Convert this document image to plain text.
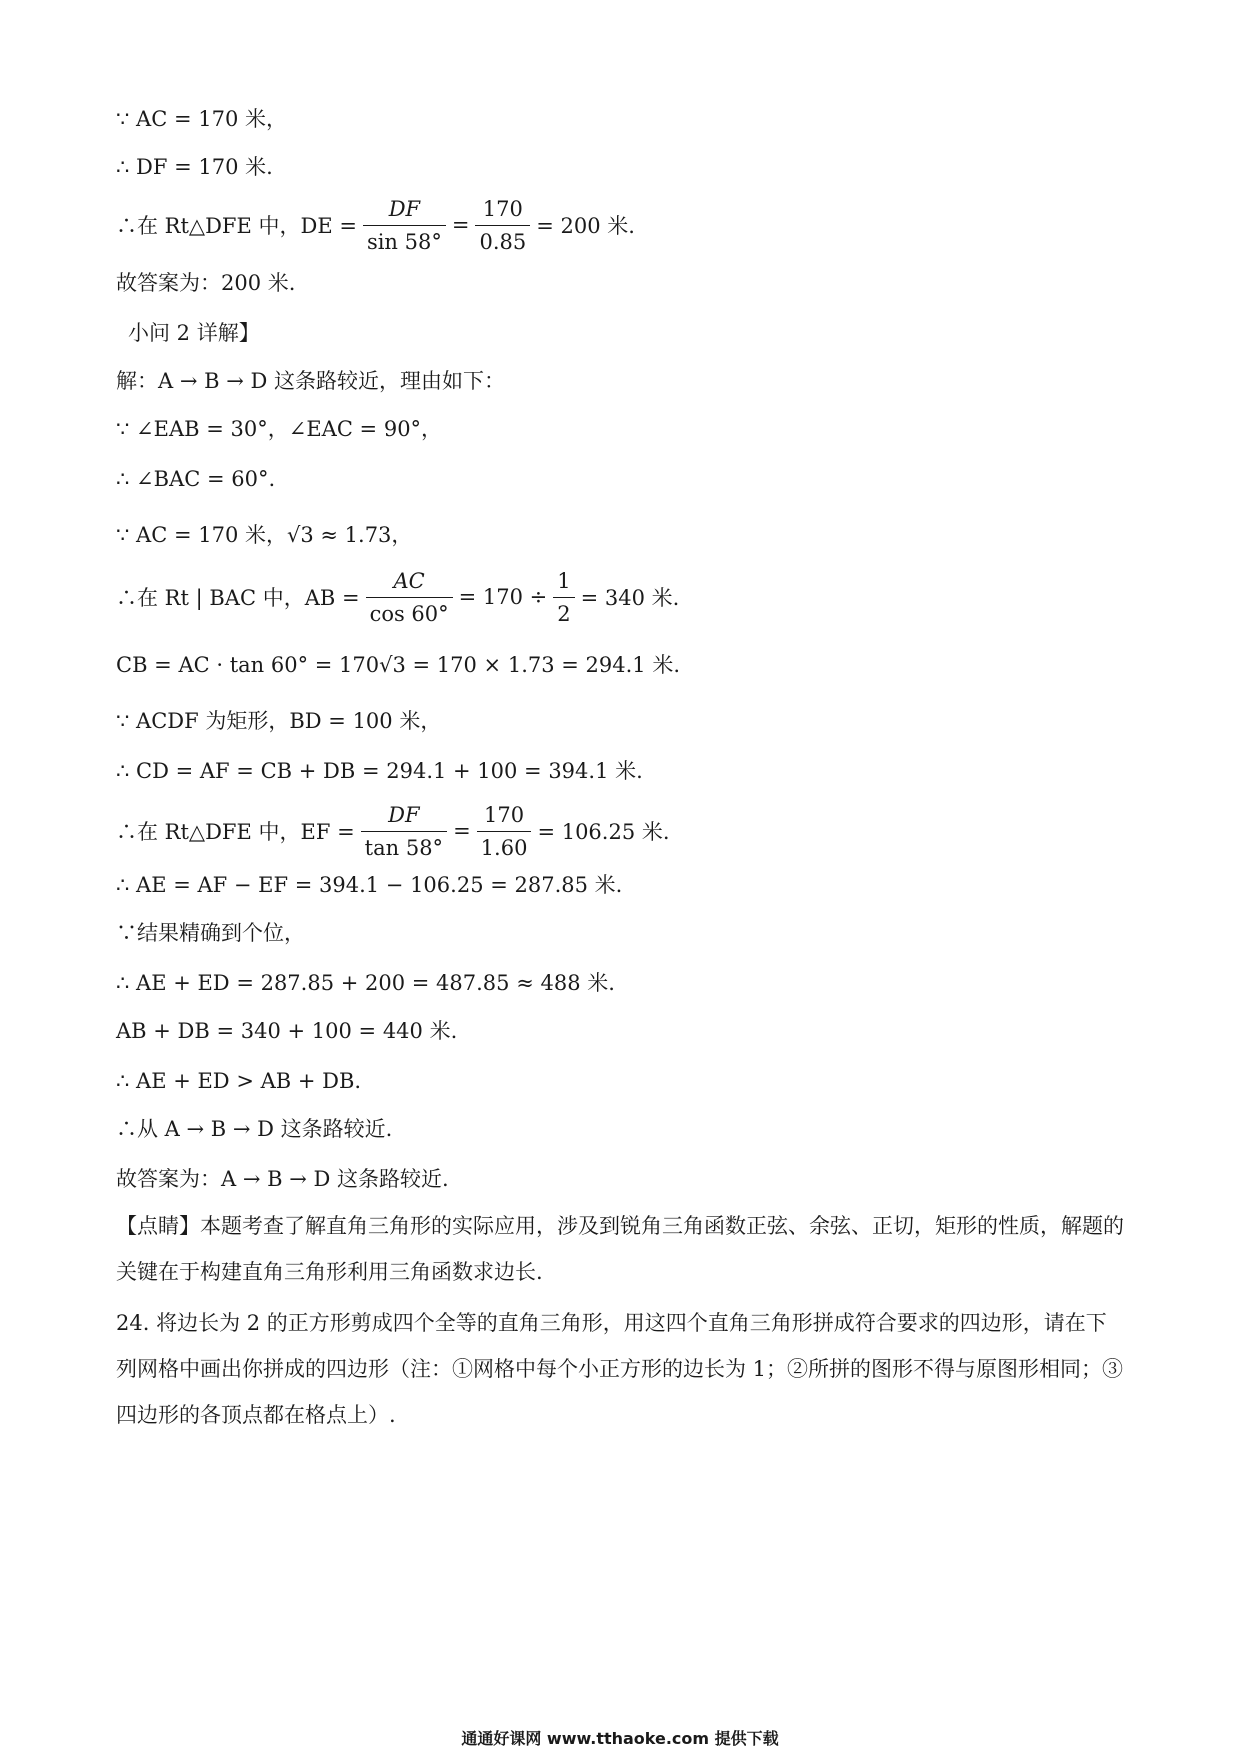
∵ AC = 170 米，
∴ DF = 170 米.
∴在 Rt△DFE 中，DE = $\frac{DF}{\sin 58^\circ} = \frac{170}{0.85} = 200$ 米.
故答案为：200 米.
小问 2 详解】
解：A → B → D 这条路较近，理由如下：
∵ ∠EAB = 30°，∠EAC = 90°，
∴ ∠BAC = 60°.
∵ AC = 170 米，√3 ≈ 1.73，
∴在 Rt | BAC 中，AB = $\frac{AC}{\cos 60^\circ} = 170 \div \frac{1}{2} = 340$ 米.
CB = AC · tan 60° = 170√3 = 170 × 1.73 = 294.1 米.
∵ ACDF 为矩形，BD = 100 米，
∴ CD = AF = CB + DB = 294.1 + 100 = 394.1 米.
∴在 Rt△DFE 中，EF = $\frac{DF}{\tan 58^\circ} = \frac{170}{1.60} = 106.25$ 米.
∴ AE = AF − EF = 394.1 − 106.25 = 287.85 米.
∵结果精确到个位，
∴ AE + ED = 287.85 + 200 = 487.85 ≈ 488 米.
AB + DB = 340 + 100 = 440 米.
∴ AE + ED > AB + DB.
∴从 A → B → D 这条路较近.
故答案为：A → B → D 这条路较近.
【点睛】本题考查了解直角三角形的实际应用，涉及到锐角三角函数正弦、余弦、正切，矩形的性质，解题的关键在于构建直角三角形利用三角函数求边长.
24. 将边长为 2 的正方形剪成四个全等的直角三角形，用这四个直角三角形拼成符合要求的四边形，请在下列网格中画出你拼成的四边形（注：①网格中每个小正方形的边长为 1；②所拼的图形不得与原图形相同；③四边形的各顶点都在格点上）.
通通好课网 www.tthaoke.com 提供下载
